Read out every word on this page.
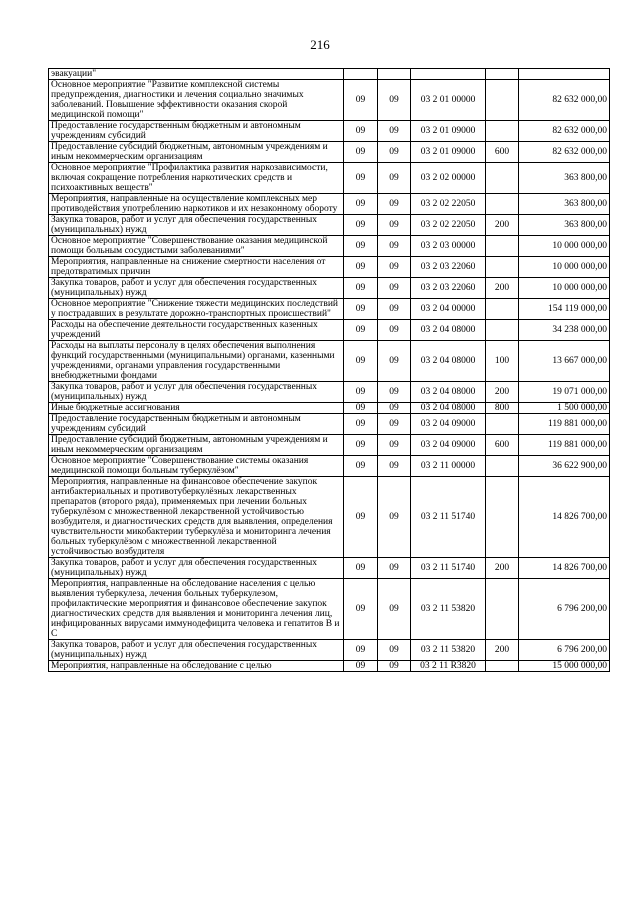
216
эвакуации"					
Основное мероприятие "Развитие комплексной системы предупреждения, диагностики и лечения социально значимых заболеваний. Повышение эффективности оказания скорой медицинской помощи"	09	09	03 2 01 00000		82 632 000,00
Предоставление государственным бюджетным и автономным учреждениям субсидий	09	09	03 2 01 09000		82 632 000,00
Предоставление субсидий бюджетным, автономным учреждениям и иным некоммерческим организациям	09	09	03 2 01 09000	600	82 632 000,00
Основное мероприятие "Профилактика развития наркозависимости, включая сокращение потребления наркотических средств и психоактивных веществ"	09	09	03 2 02 00000		363 800,00
Мероприятия, направленные на осуществление комплексных мер противодействия употреблению наркотиков и их незаконному обороту	09	09	03 2 02 22050		363 800,00
Закупка товаров, работ и услуг для обеспечения государственных (муниципальных) нужд	09	09	03 2 02 22050	200	363 800,00
Основное мероприятие "Совершенствование оказания медицинской помощи больным сосудистыми заболеваниями"	09	09	03 2 03 00000		10 000 000,00
Мероприятия, направленные на снижение смертности населения от предотвратимых причин	09	09	03 2 03 22060		10 000 000,00
Закупка товаров, работ и услуг для обеспечения государственных (муниципальных) нужд	09	09	03 2 03 22060	200	10 000 000,00
Основное мероприятие "Снижение тяжести медицинских последствий у пострадавших в результате дорожно-транспортных происшествий"	09	09	03 2 04 00000		154 119 000,00
Расходы на обеспечение деятельности государственных казенных учреждений	09	09	03 2 04 08000		34 238 000,00
Расходы на выплаты персоналу в целях обеспечения выполнения функций государственными (муниципальными) органами, казенными учреждениями, органами управления государственными внебюджетными фондами	09	09	03 2 04 08000	100	13 667 000,00
Закупка товаров, работ и услуг для обеспечения государственных (муниципальных) нужд	09	09	03 2 04 08000	200	19 071 000,00
Иные бюджетные ассигнования	09	09	03 2 04 08000	800	1 500 000,00
Предоставление государственным бюджетным и автономным учреждениям субсидий	09	09	03 2 04 09000		119 881 000,00
Предоставление субсидий бюджетным, автономным учреждениям и иным некоммерческим организациям	09	09	03 2 04 09000	600	119 881 000,00
Основное мероприятие "Совершенствование системы оказания медицинской помощи больным туберкулёзом"	09	09	03 2 11 00000		36 622 900,00
Мероприятия, направленные на финансовое обеспечение закупок антибактериальных и противотуберкулёзных лекарственных препаратов (второго ряда), применяемых при лечении больных туберкулёзом с множественной лекарственной устойчивостью возбудителя, и диагностических средств для выявления, определения чувствительности микобактерии туберкулёза и мониторинга лечения больных туберкулёзом с множественной лекарственной устойчивостью возбудителя	09	09	03 2 11 51740		14 826 700,00
Закупка товаров, работ и услуг для обеспечения государственных (муниципальных) нужд	09	09	03 2 11 51740	200	14 826 700,00
Мероприятия, направленные на обследование населения с целью выявления туберкулеза, лечения больных туберкулезом, профилактические мероприятия и финансовое обеспечение закупок диагностических средств для выявления и мониторинга лечения лиц, инфицированных вирусами иммунодефицита человека и гепатитов В и С	09	09	03 2 11 53820		6 796 200,00
Закупка товаров, работ и услуг для обеспечения государственных (муниципальных) нужд	09	09	03 2 11 53820	200	6 796 200,00
Мероприятия, направленные на обследование с целью	09	09	03 2 11 R3820		15 000 000,00
